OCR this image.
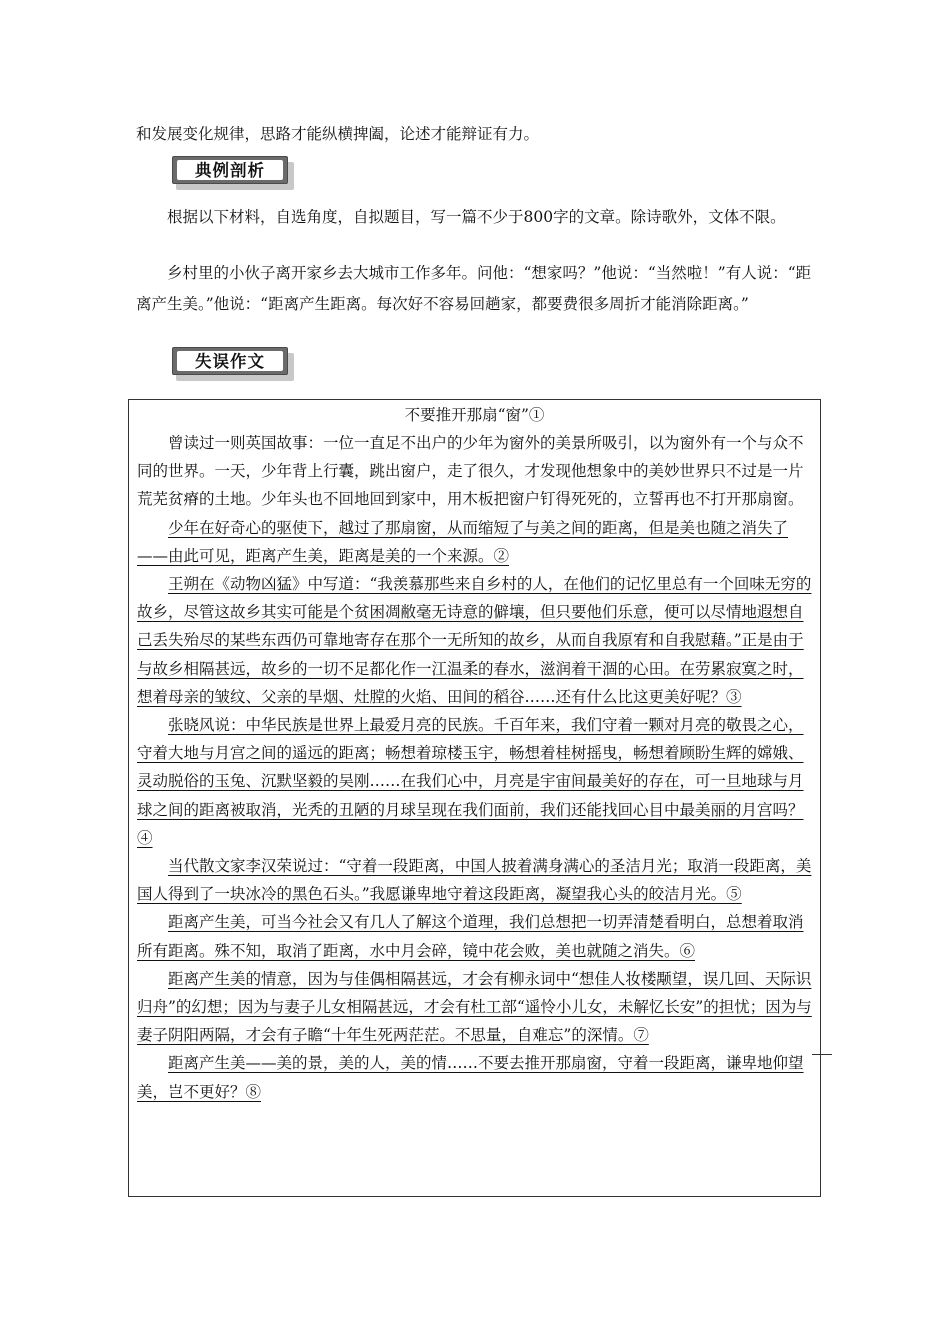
和发展变化规律，思路才能纵横捭阖，论述才能辩证有力。
典例剖析

根据以下材料，自选角度，自拟题目，写一篇不少于800字的文章。除诗歌外，文体不限。

乡村里的小伙子离开家乡去大城市工作多年。问他：“想家吗？”他说：“当然啦！”有人说：“距离产生美。”他说：“距离产生距离。每次好不容易回趟家，都要费很多周折才能消除距离。”

失误作文
不要推开那扇“窗”①

曾读过一则英国故事：一位一直足不出户的少年为窗外的美景所吸引，以为窗外有一个与众不同的世界。一天，少年背上行囊，跳出窗户，走了很久，才发现他想象中的美妙世界只不过是一片荒芜贫瘠的土地。少年头也不回地回到家中，用木板把窗户钉得死死的，立誓再也不打开那扇窗。

少年在好奇心的驱使下，越过了那扇窗，从而缩短了与美之间的距离，但是美也随之消失了——由此可见，距离产生美，距离是美的一个来源。②

王朔在《动物凶猛》中写道：“我羡慕那些来自乡村的人，在他们的记忆里总有一个回味无穷的故乡，尽管这故乡其实可能是个贫困凋敝毫无诗意的僻壤，但只要他们乐意，便可以尽情地遐想自己丢失殆尽的某些东西仍可靠地寄存在那个一无所知的故乡，从而自我原宥和自我慰藉。”正是由于与故乡相隔甚远，故乡的一切不足都化作一江温柔的春水，滋润着干涸的心田。在劳累寂寞之时，想着母亲的皱纹、父亲的旱烟、灶膛的火焰、田间的稻谷……还有什么比这更美好呢？③

张晓风说：中华民族是世界上最爱月亮的民族。千百年来，我们守着一颗对月亮的敬畏之心，守着大地与月宫之间的遥远的距离；畅想着琼楼玉宇，畅想着桂树摇曳，畅想着顾盼生辉的嫦娥、灵动脱俗的玉兔、沉默坚毅的吴刚……在我们心中，月亮是宇宙间最美好的存在，可一旦地球与月球之间的距离被取消，光秃的丑陋的月球呈现在我们面前，我们还能找回心目中最美丽的月宫吗？④

当代散文家李汉荣说过：“守着一段距离，中国人披着满身满心的圣洁月光；取消一段距离，美国人得到了一块冰冷的黑色石头。”我愿谦卑地守着这段距离，凝望我心头的皎洁月光。⑤

距离产生美，可当今社会又有几人了解这个道理，我们总想把一切弄清楚看明白，总想着取消所有距离。殊不知，取消了距离，水中月会碎，镜中花会败，美也就随之消失。⑥

距离产生美的情意，因为与佳偶相隔甚远，才会有柳永词中“想佳人妆楼颙望，误几回、天际识归舟”的幻想；因为与妻子儿女相隔甚远，才会有杜工部“遥怜小儿女，未解忆长安”的担忧；因为与妻子阴阳两隔，才会有子瞻“十年生死两茫茫。不思量，自难忘”的深情。⑦

距离产生美——美的景，美的人，美的情……不要去推开那扇窗，守着一段距离，谦卑地仰望美，岂不更好？⑧
